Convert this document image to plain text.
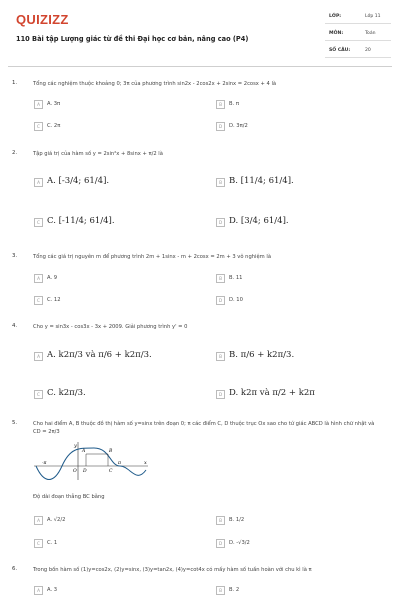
QUIZIZZ
110 Bài tập Lượng giác từ đề thi Đại học cơ bản, nâng cao (P4)
LỚP:	Lớp 11
MÔN:	Toán
SỐ CÂU:	20
1.	Tổng các nghiệm thuộc khoảng 0; 3π của phương trình sin2x - 2cos2x + 2sinx = 2cosx + 4 là
A	A. 3π	B	B. π
C	C. 2π	D	D. 3π/2
2.	Tập giá trị của hàm số y = 2sin²x + 8sinx + π/2 là
A A. [-3/4; 61/4].	B B. [11/4; 61/4].
C C. [-11/4; 61/4].	D D. [3/4; 61/4].
3.	Tổng các giá trị nguyên m để phương trình 2m + 1sinx - m + 2cosx = 2m + 3 vô nghiệm là
A	A. 9	B	B. 11
C	C. 12	D	D. 10
4.	Cho y = sin3x - cos3x - 3x + 2009. Giải phương trình y' = 0
A A. k2π/3 và π/6 + k2π/3.	B B. π/6 + k2π/3.
C C. k2π/3.	D D. k2π và π/2 + k2π
5.	Cho hai điểm A, B thuộc đồ thị hàm số y=sinx trên đoạn 0; π các điểm C, D thuộc trục Ox sao cho tứ giác ABCD là hình chữ nhật và CD = 2π/3
y
x
O
A	B
C
D
π
-π
Độ dài đoạn thẳng BC bằng
A	A. √2/2	B	B. 1/2
C	C. 1	D	D. -√3/2
6.	Trong bốn hàm số (1)y=cos2x, (2)y=sinx, (3)y=tan2x, (4)y=cot4x có mấy hàm số tuần hoàn với chu kì là π
A	A. 3	B	B. 2
